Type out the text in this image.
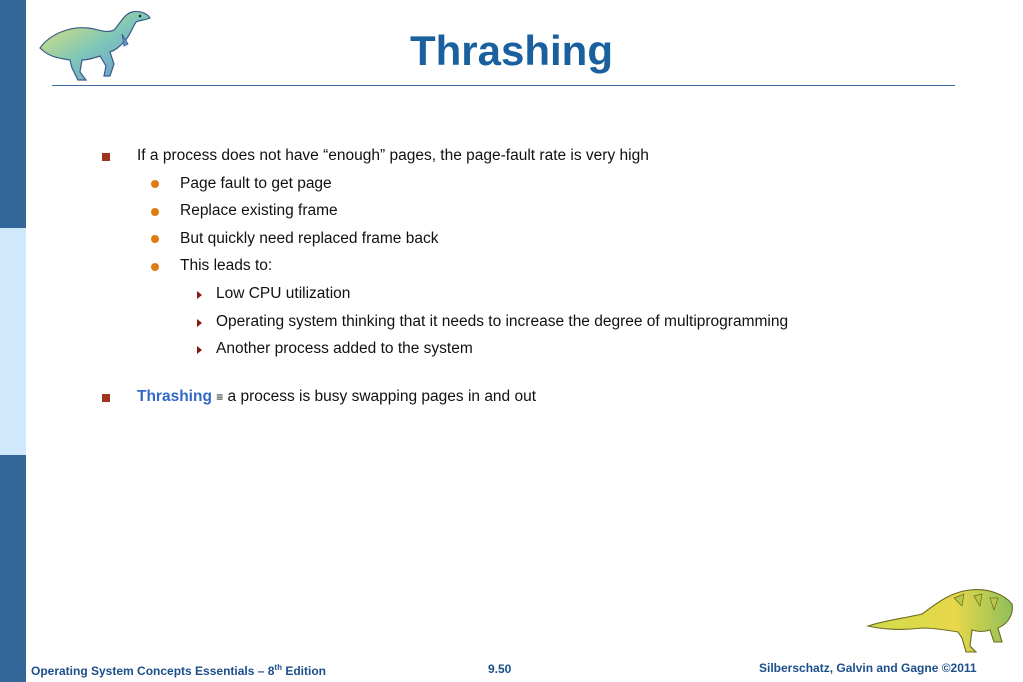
Thrashing
If a process does not have “enough” pages, the page-fault rate is very high
Page fault to get page
Replace existing frame
But quickly need replaced frame back
This leads to:
Low CPU utilization
Operating system thinking that it needs to increase the degree of multiprogramming
Another process added to the system
Thrashing ≡ a process is busy swapping pages in and out
Operating System Concepts Essentials – 8th Edition	9.50	Silberschatz, Galvin and Gagne ©2011
